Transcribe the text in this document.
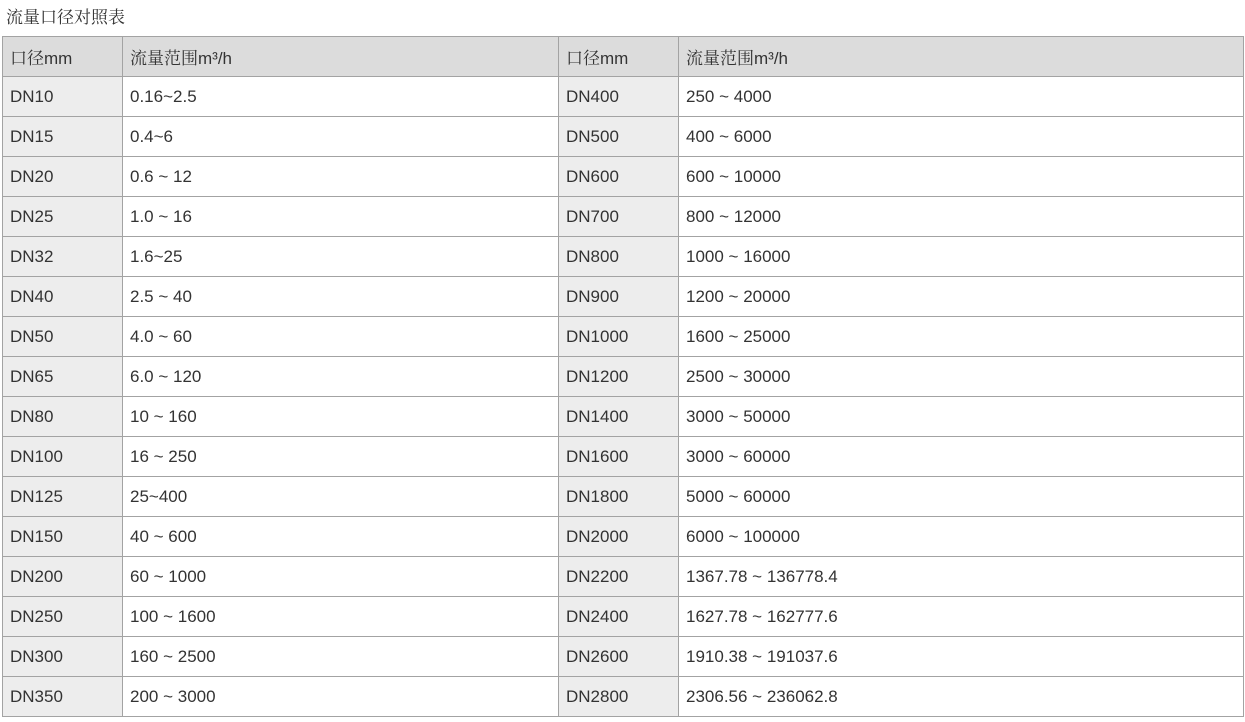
流量口径对照表
口径mm	流量范围m³/h	口径mm	流量范围m³/h
DN10	0.16~2.5	DN400	250 ~ 4000
DN15	0.4~6	DN500	400 ~ 6000
DN20	0.6 ~ 12	DN600	600 ~ 10000
DN25	1.0 ~ 16	DN700	800 ~ 12000
DN32	1.6~25	DN800	1000 ~ 16000
DN40	2.5 ~ 40	DN900	1200 ~ 20000
DN50	4.0 ~ 60	DN1000	1600 ~ 25000
DN65	6.0 ~ 120	DN1200	2500 ~ 30000
DN80	10 ~ 160	DN1400	3000 ~ 50000
DN100	16 ~ 250	DN1600	3000 ~ 60000
DN125	25~400	DN1800	5000 ~ 60000
DN150	40 ~ 600	DN2000	6000 ~ 100000
DN200	60 ~ 1000	DN2200	1367.78 ~ 136778.4
DN250	100 ~ 1600	DN2400	1627.78 ~ 162777.6
DN300	160 ~ 2500	DN2600	1910.38 ~ 191037.6
DN350	200 ~ 3000	DN2800	2306.56 ~ 236062.8
